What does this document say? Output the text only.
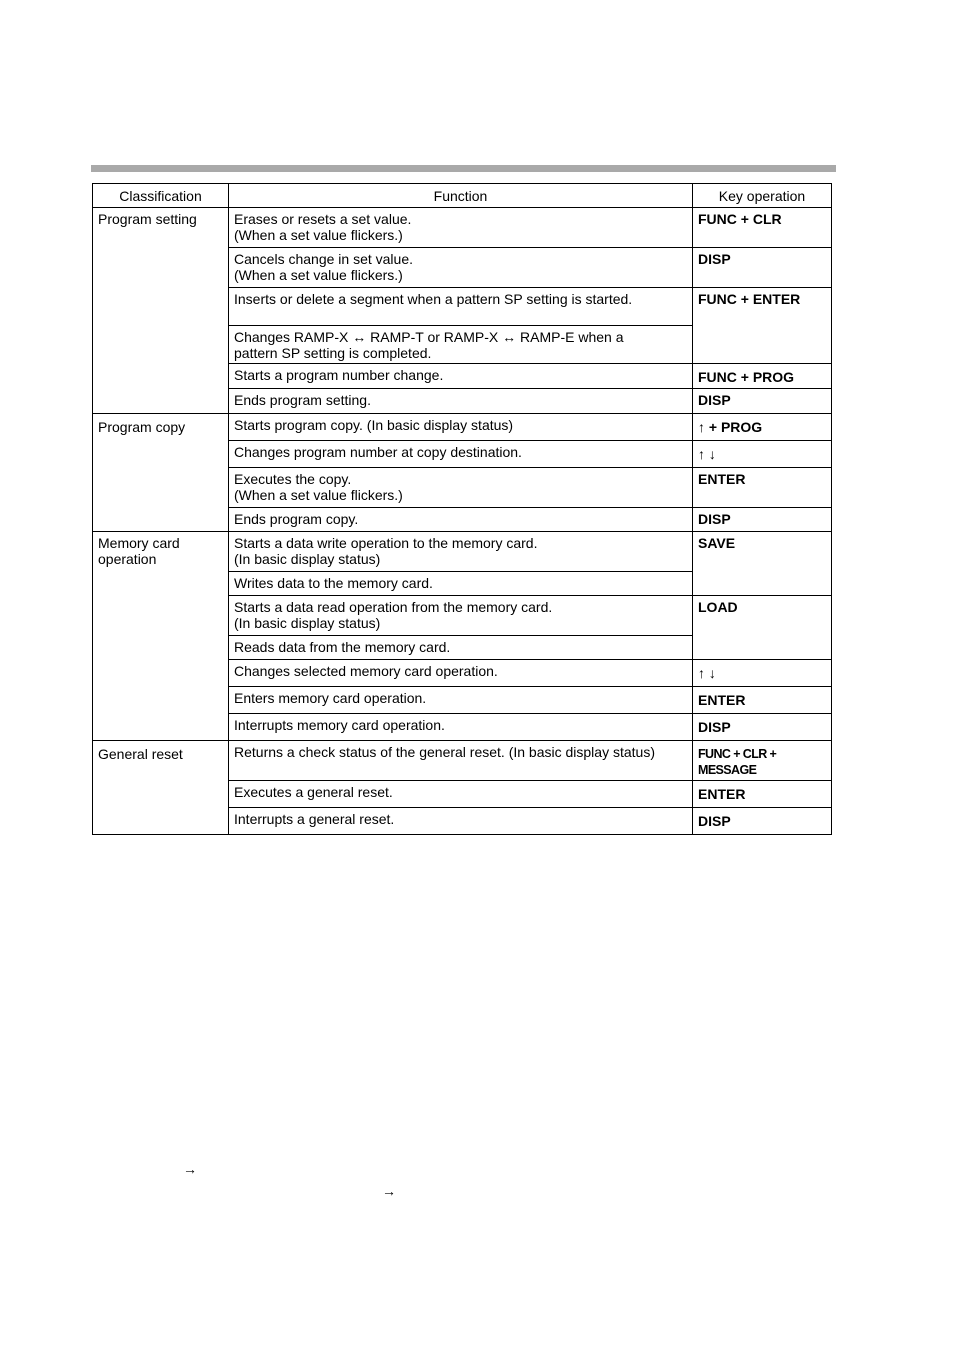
Classification	Function	Key operation
Program setting	Erases or resets a set value.
(When a set value flickers.)	FUNC + CLR

	Cancels change in set value.
(When a set value flickers.)	DISP

	Inserts or delete a segment when a pattern SP setting is started.	FUNC + ENTER

	Changes RAMP-X ↔ RAMP-T or RAMP-X ↔ RAMP-E when a
pattern SP setting is completed.	

	Starts a program number change.	FUNC + PROG

	Ends program setting.	DISP
Program copy	Starts program copy. (In basic display status)	↑ + PROG

	Changes program number at copy destination.	↑ ↓

	Executes the copy.
(When a set value flickers.)	ENTER

	Ends program copy.	DISP

Memory card operation	Starts a data write operation to the memory card.
(In basic display status)	SAVE

	Writes data to the memory card.	

	Starts a data read operation from the memory card.
(In basic display status)	LOAD

	Reads data from the memory card.	

	Changes selected memory card operation.	↑ ↓

	Enters memory card operation.	ENTER

	Interrupts memory card operation.	DISP
General reset	Returns a check status of the general reset. (In basic display status)	FUNC + CLR + MESSAGE

	Executes a general reset.	ENTER

	Interrupts a general reset.	DISP
→
→
